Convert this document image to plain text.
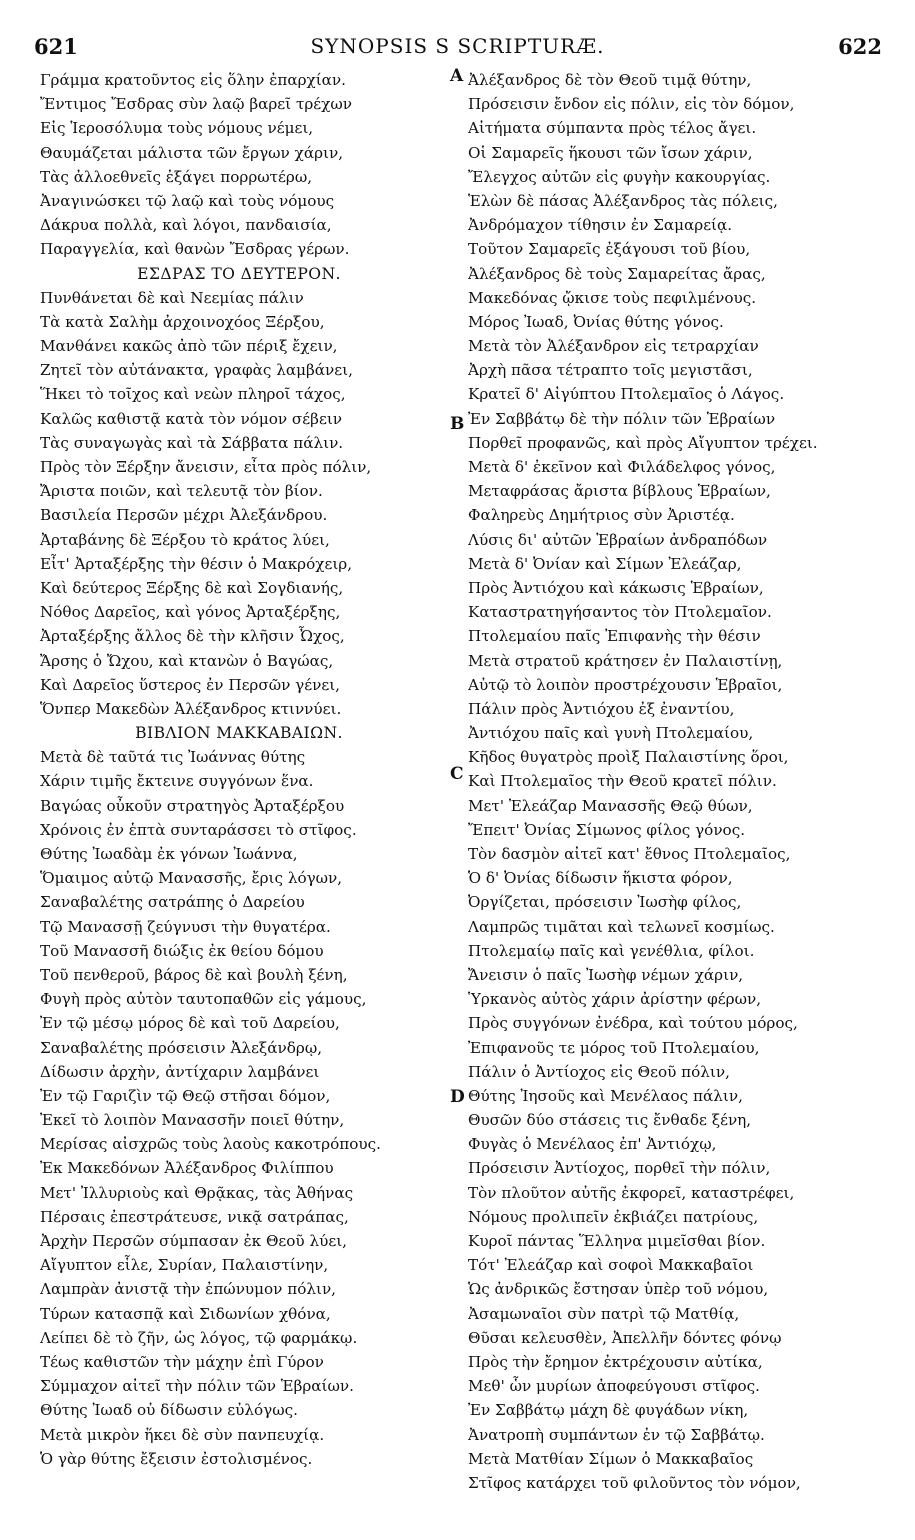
621	SYNOPSIS S SCRIPTURÆ.	622
Γράμμα κρατοῦντος εἰς ὅλην ἐπαρχίαν.
Ἔντιμος Ἔσδρας σὺν λαῷ βαρεῖ τρέχων
Εἰς Ἱεροσόλυμα τοὺς νόμους νέμει,
Θαυμάζεται μάλιστα τῶν ἔργων χάριν,
Τὰς ἀλλοεθνεῖς ἐξάγει πορρωτέρω,
Ἀναγινώσκει τῷ λαῷ καὶ τοὺς νόμους
Δάκρυα πολλὰ, καὶ λόγοι, πανδαισία,
Παραγγελία, καὶ θανὼν Ἔσδρας γέρων.
ΕΣΔΡΑΣ ΤΟ ΔΕΥΤΕΡΟΝ.
Πυνθάνεται δὲ καὶ Νεεμίας πάλιν
Τὰ κατὰ Σαλὴμ ἀρχοινοχόος Ξέρξου,
Μανθάνει κακῶς ἀπὸ τῶν πέριξ ἔχειν,
Ζητεῖ τὸν αὐτάνακτα, γραφὰς λαμβάνει,
Ἥκει τὸ τοῖχος καὶ νεὼν πληροῖ τάχος,
Καλῶς καθιστᾷ κατὰ τὸν νόμον σέβειν
Τὰς συναγωγὰς καὶ τὰ Σάββατα πάλιν.
Πρὸς τὸν Ξέρξην ἄνεισιν, εἶτα πρὸς πόλιν,
Ἄριστα ποιῶν, καὶ τελευτᾷ τὸν βίον.
Βασιλεία Περσῶν μέχρι Ἀλεξάνδρου.
Ἀρταβάνης δὲ Ξέρξου τὸ κράτος λύει,
Εἶτ' Ἀρταξέρξης τὴν θέσιν ὁ Μακρόχειρ,
Καὶ δεύτερος Ξέρξης δὲ καὶ Σογδιανής,
Νόθος Δαρεῖος, καὶ γόνος Ἀρταξέρξης,
Ἀρταξέρξης ἄλλος δὲ τὴν κλῆσιν Ὦχος,
Ἄρσης ὁ Ὤχου, καὶ κτανὼν ὁ Βαγώας,
Καὶ Δαρεῖος ὕστερος ἐν Περσῶν γένει,
Ὅνπερ Μακεδὼν Ἀλέξανδρος κτιννύει.
ΒΙΒΛΙΟΝ ΜΑΚΚΑΒΑΙΩΝ.
Μετὰ δὲ ταῦτά τις Ἰωάννας θύτης
Χάριν τιμῆς ἔκτεινε συγγόνων ἕνα.
Βαγώας οὖκοῦν στρατηγὸς Ἀρταξέρξου
Χρόνοις ἐν ἑπτὰ συνταράσσει τὸ στῖφος.
Θύτης Ἰωαδὰμ ἐκ γόνων Ἰωάννα,
Ὅμαιμος αὐτῷ Μανασσῆς, ἔρις λόγων,
Σαναβαλέτης σατράπης ὁ Δαρείου
Τῷ Μανασσῇ ζεύγνυσι τὴν θυγατέρα.
Τοῦ Μανασσῆ διώξις ἐκ θείου δόμου
Τοῦ πενθεροῦ, βάρος δὲ καὶ βουλὴ ξένη,
Φυγὴ πρὸς αὐτὸν ταυτοπαθῶν εἰς γάμους,
Ἐν τῷ μέσῳ μόρος δὲ καὶ τοῦ Δαρείου,
Σαναβαλέτης πρόσεισιν Ἀλεξάνδρῳ,
Δίδωσιν ἀρχὴν, ἀντίχαριν λαμβάνει
Ἐν τῷ Γαριζὶν τῷ Θεῷ στῆσαι δόμον,
Ἐκεῖ τὸ λοιπὸν Μανασσῆν ποιεῖ θύτην,
Μερίσας αἰσχρῶς τοὺς λαοὺς κακοτρόπους.
Ἐκ Μακεδόνων Ἀλέξανδρος Φιλίππου
Μετ' Ἰλλυριοὺς καὶ Θρᾷκας, τὰς Ἀθήνας
Πέρσαις ἐπεστράτευσε, νικᾷ σατράπας,
Ἀρχὴν Περσῶν σύμπασαν ἐκ Θεοῦ λύει,
Αἴγυπτον εἷλε, Συρίαν, Παλαιστίνην,
Λαμπρὰν ἀνιστᾷ τὴν ἐπώνυμον πόλιν,
Τύρων κατασπᾷ καὶ Σιδωνίων χθόνα,
Λείπει δὲ τὸ ζῆν, ὡς λόγος, τῷ φαρμάκῳ.
Τέως καθιστῶν τὴν μάχην ἐπὶ Γύρον
Σύμμαχον αἰτεῖ τὴν πόλιν τῶν Ἑβραίων.
Θύτης Ἰωαδ οὐ δίδωσιν εὐλόγως.
Μετὰ μικρὸν ἥκει δὲ σὺν πανπευχίᾳ.
Ὁ γὰρ θύτης ἔξεισιν ἐστολισμένος.
Ἀλέξανδρος δὲ τὸν Θεοῦ τιμᾷ θύτην,
Πρόσεισιν ἔνδον εἰς πόλιν, εἰς τὸν δόμον,
Αἰτήματα σύμπαντα πρὸς τέλος ἄγει.
Οἱ Σαμαρεῖς ἥκουσι τῶν ἴσων χάριν,
Ἔλεγχος αὐτῶν εἰς φυγὴν κακουργίας.
Ἑλὼν δὲ πάσας Ἀλέξανδρος τὰς πόλεις,
Ἀνδρόμαχον τίθησιν ἐν Σαμαρείᾳ.
Τοῦτον Σαμαρεῖς ἐξάγουσι τοῦ βίου,
Ἀλέξανδρος δὲ τοὺς Σαμαρείτας ἄρας,
Μακεδόνας ᾤκισε τοὺς πεφιλμένους.
Μόρος Ἰωαδ, Ὀνίας θύτης γόνος.
Μετὰ τὸν Ἀλέξανδρον εἰς τετραρχίαν
Ἀρχὴ πᾶσα τέτραπτο τοῖς μεγιστᾶσι,
Κρατεῖ δ' Αἰγύπτου Πτολεμαῖος ὁ Λάγος.
Ἐν Σαββάτῳ δὲ τὴν πόλιν τῶν Ἑβραίων
Πορθεῖ προφανῶς, καὶ πρὸς Αἴγυπτον τρέχει.
Μετὰ δ' ἐκεῖνον καὶ Φιλάδελφος γόνος,
Μεταφράσας ἄριστα βίβλους Ἑβραίων,
Φαληρεὺς Δημήτριος σὺν Ἀριστέᾳ.
Λύσις δι' αὐτῶν Ἑβραίων ἀνδραπόδων
Μετὰ δ' Ὀνίαν καὶ Σίμων Ἐλεάζαρ,
Πρὸς Ἀντιόχου καὶ κάκωσις Ἑβραίων,
Καταστρατηγήσαντος τὸν Πτολεμαῖον.
Πτολεμαίου παῖς Ἐπιφανὴς τὴν θέσιν
Μετὰ στρατοῦ κράτησεν ἐν Παλαιστίνῃ,
Αὐτῷ τὸ λοιπὸν προστρέχουσιν Ἑβραῖοι,
Πάλιν πρὸς Ἀντιόχου ἐξ ἐναντίου,
Ἀντιόχου παῖς καὶ γυνὴ Πτολεμαίου,
Κῆδος θυγατρὸς προὶξ Παλαιστίνης ὅροι,
Καὶ Πτολεμαῖος τὴν Θεοῦ κρατεῖ πόλιν.
Μετ' Ἐλεάζαρ Μανασσῆς Θεῷ θύων,
Ἔπειτ' Ὀνίας Σίμωνος φίλος γόνος.
Τὸν δασμὸν αἰτεῖ κατ' ἔθνος Πτολεμαῖος,
Ὁ δ' Ὀνίας δίδωσιν ἥκιστα φόρον,
Ὀργίζεται, πρόσεισιν Ἰωσὴφ φίλος,
Λαμπρῶς τιμᾶται καὶ τελωνεῖ κοσμίως.
Πτολεμαίῳ παῖς καὶ γενέθλια, φίλοι.
Ἄνεισιν ὁ παῖς Ἰωσὴφ νέμων χάριν,
Ὑρκανὸς αὐτὸς χάριν ἀρίστην φέρων,
Πρὸς συγγόνων ἐνέδρα, καὶ τούτου μόρος,
Ἐπιφανοῦς τε μόρος τοῦ Πτολεμαίου,
Πάλιν ὁ Ἀντίοχος εἰς Θεοῦ πόλιν,
Θύτης Ἰησοῦς καὶ Μενέλαος πάλιν,
Θυσῶν δύο στάσεις τις ἔνθαδε ξένη,
Φυγὰς ὁ Μενέλαος ἐπ' Ἀντιόχῳ,
Πρόσεισιν Ἀντίοχος, πορθεῖ τὴν πόλιν,
Τὸν πλοῦτον αὐτῆς ἐκφορεῖ, καταστρέφει,
Νόμους προλιπεῖν ἐκβιάζει πατρίους,
Κυροῖ πάντας Ἕλληνα μιμεῖσθαι βίον.
Τότ' Ἐλεάζαρ καὶ σοφοὶ Μακκαβαῖοι
Ὡς ἀνδρικῶς ἔστησαν ὑπὲρ τοῦ νόμου,
Ἀσαμωναῖοι σὺν πατρὶ τῷ Ματθίᾳ,
Θῦσαι κελευσθὲν, Ἀπελλῆν δόντες φόνῳ
Πρὸς τὴν ἔρημον ἐκτρέχουσιν αὐτίκα,
Μεθ' ὧν μυρίων ἀποφεύγουσι στῖφος.
Ἐν Σαββάτῳ μάχη δὲ φυγάδων νίκη,
Ἀνατροπὴ συμπάντων ἐν τῷ Σαββάτῳ.
Μετὰ Ματθίαν Σίμων ὁ Μακκαβαῖος
Στῖφος κατάρχει τοῦ φιλοῦντος τὸν νόμον,
A
B
C
D
